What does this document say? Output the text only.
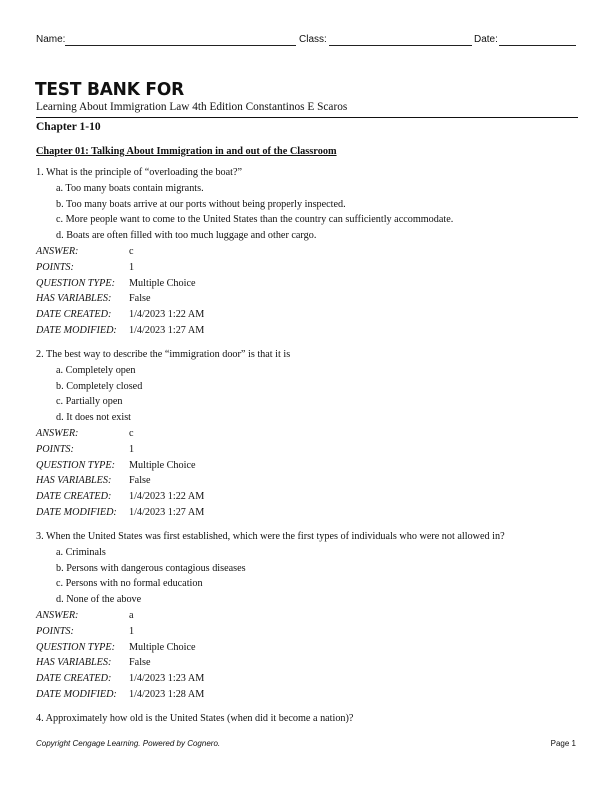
Name:	Class:	Date:
TEST BANK FOR
Learning About Immigration Law 4th Edition Constantinos E Scaros
Chapter 1-10
Chapter 01: Talking About Immigration in and out of the Classroom
1. What is the principle of “overloading the boat?”
a. Too many boats contain migrants.
b. Too many boats arrive at our ports without being properly inspected.
c. More people want to come to the United States than the country can sufficiently accommodate.
d. Boats are often filled with too much luggage and other cargo.
ANSWER:	c
POINTS:	1
QUESTION TYPE:	Multiple Choice
HAS VARIABLES:	False
DATE CREATED:	1/4/2023 1:22 AM
DATE MODIFIED:	1/4/2023 1:27 AM
2. The best way to describe the “immigration door” is that it is
a. Completely open
b. Completely closed
c. Partially open
d. It does not exist
ANSWER:	c
POINTS:	1
QUESTION TYPE:	Multiple Choice
HAS VARIABLES:	False
DATE CREATED:	1/4/2023 1:22 AM
DATE MODIFIED:	1/4/2023 1:27 AM
3. When the United States was first established, which were the first types of individuals who were not allowed in?
a. Criminals
b. Persons with dangerous contagious diseases
c. Persons with no formal education
d. None of the above
ANSWER:	a
POINTS:	1
QUESTION TYPE:	Multiple Choice
HAS VARIABLES:	False
DATE CREATED:	1/4/2023 1:23 AM
DATE MODIFIED:	1/4/2023 1:28 AM
4. Approximately how old is the United States (when did it become a nation)?
Copyright Cengage Learning. Powered by Cognero.	Page 1
